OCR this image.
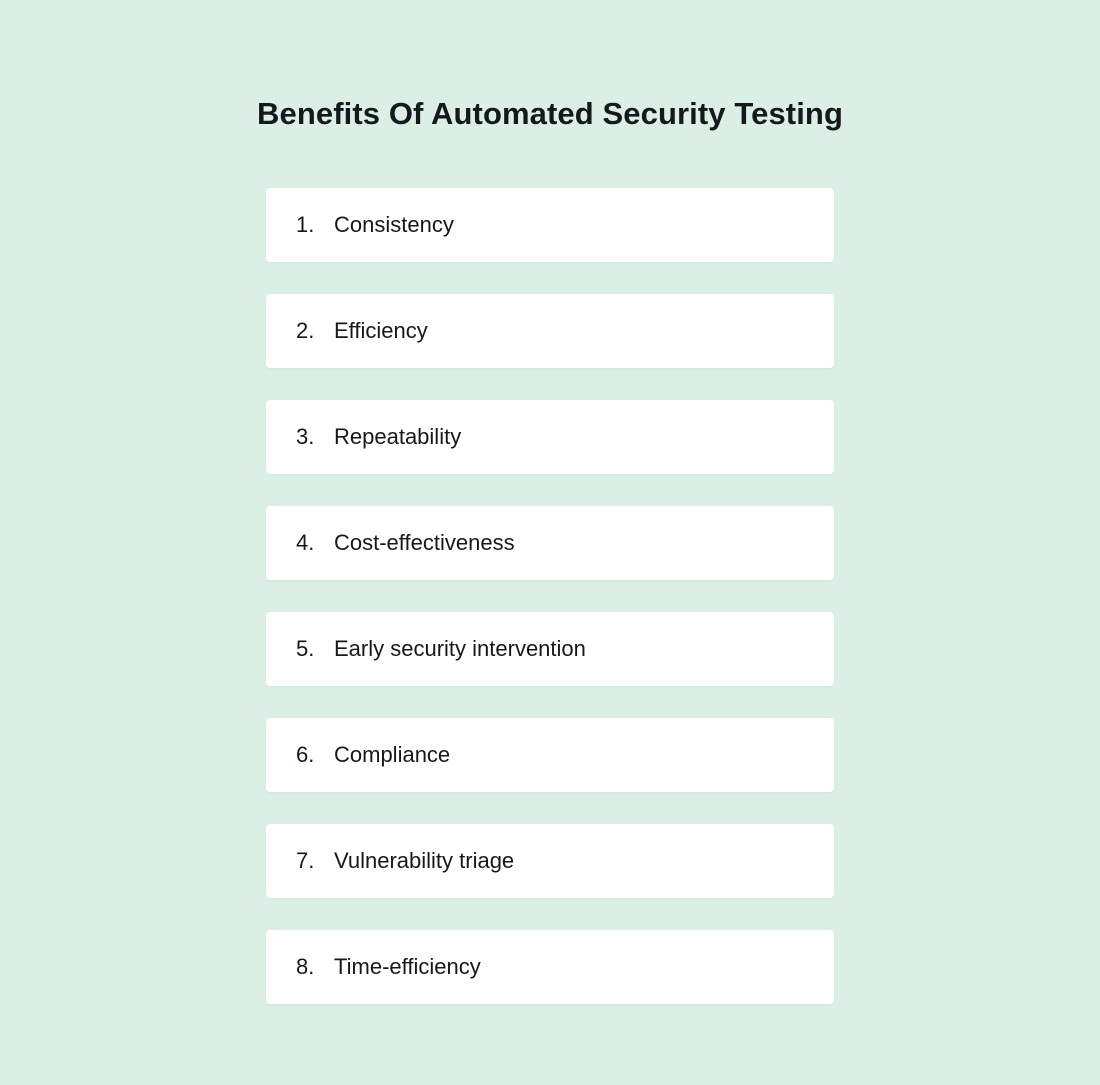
Benefits Of Automated Security Testing
1. Consistency
2. Efficiency
3. Repeatability
4. Cost-effectiveness
5. Early security intervention
6. Compliance
7. Vulnerability triage
8. Time-efficiency
